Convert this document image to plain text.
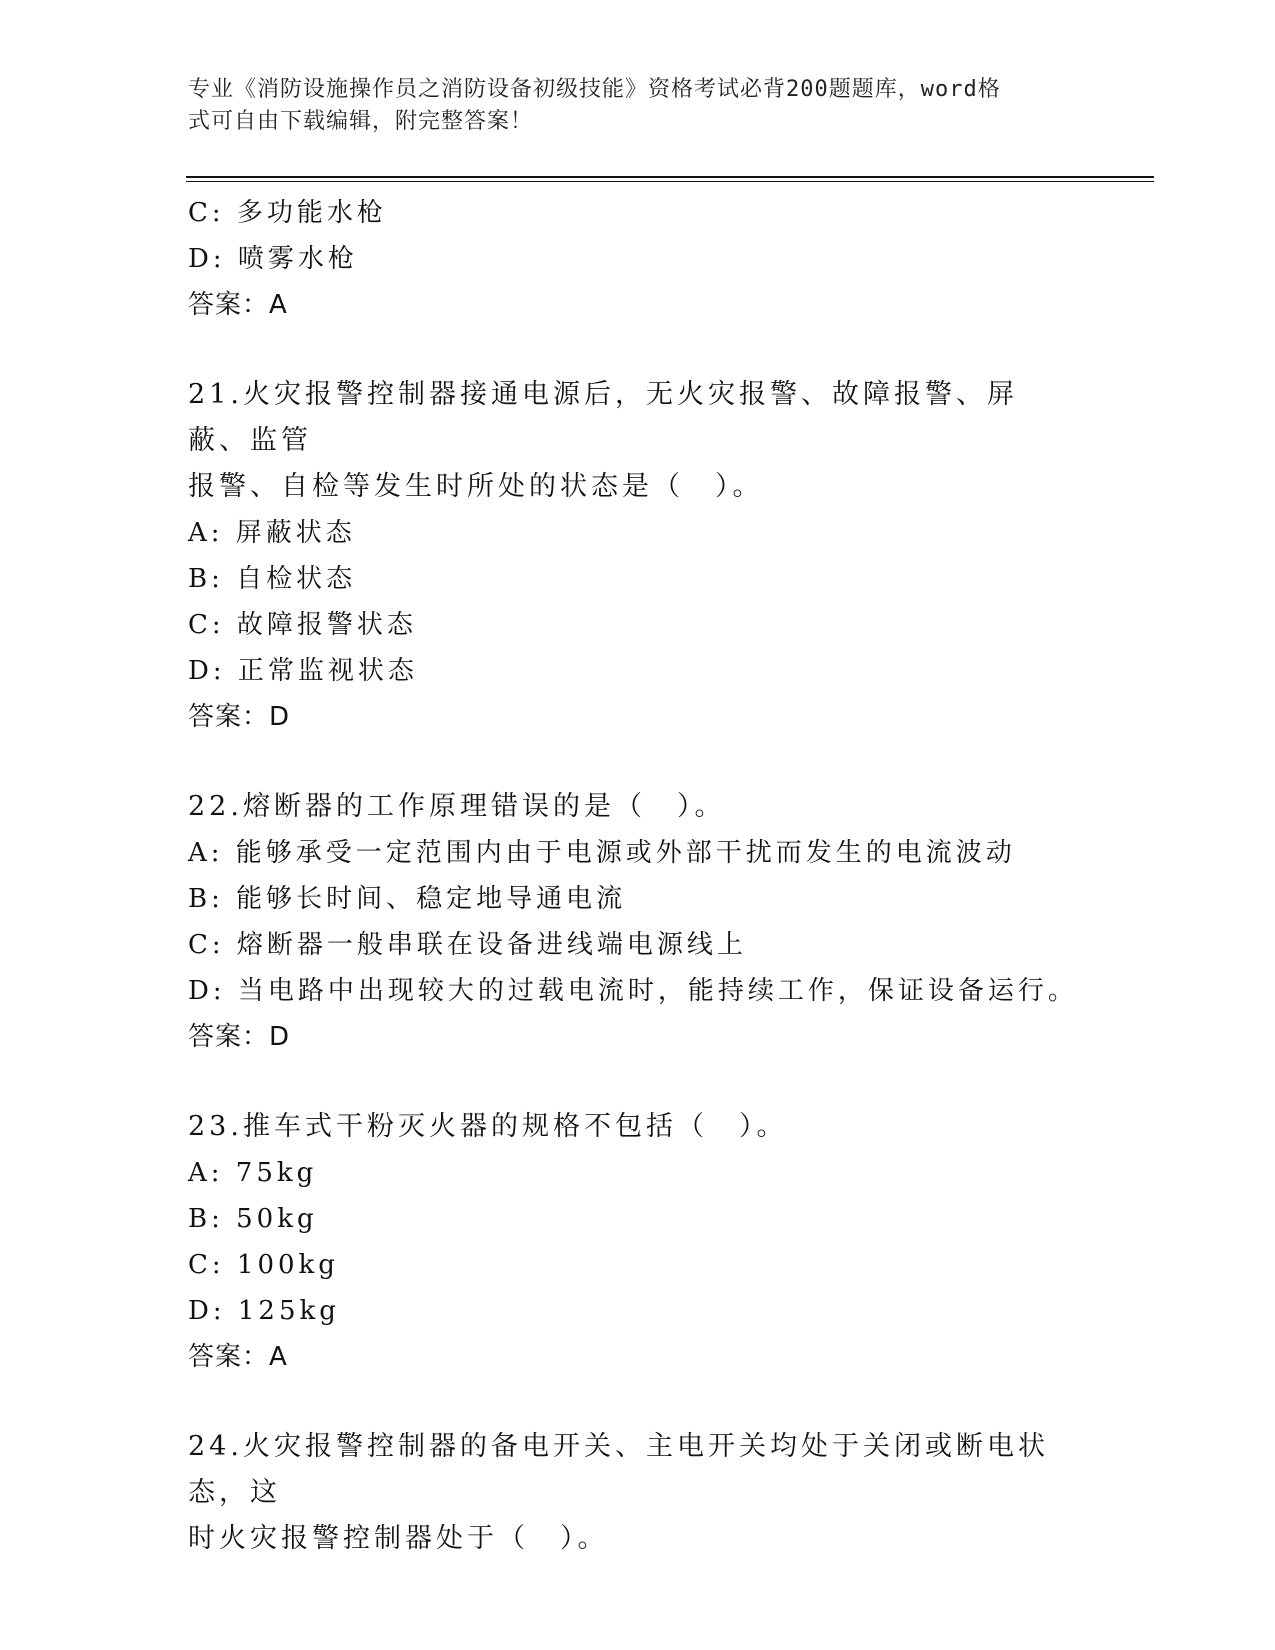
专业《消防设施操作员之消防设备初级技能》资格考试必背200题题库，word格
式可自由下载编辑，附完整答案！
C: 多功能水枪
D: 喷雾水枪
答案：A
21.火灾报警控制器接通电源后，无火灾报警、故障报警、屏蔽、监管
报警、自检等发生时所处的状态是（　）。
A: 屏蔽状态
B: 自检状态
C: 故障报警状态
D: 正常监视状态
答案：D
22.熔断器的工作原理错误的是（　）。
A: 能够承受一定范围内由于电源或外部干扰而发生的电流波动
B: 能够长时间、稳定地导通电流
C: 熔断器一般串联在设备进线端电源线上
D: 当电路中出现较大的过载电流时，能持续工作，保证设备运行。
答案：D
23.推车式干粉灭火器的规格不包括（　）。
A: 75kg
B: 50kg
C: 100kg
D: 125kg
答案：A
24.火灾报警控制器的备电开关、主电开关均处于关闭或断电状态，这
时火灾报警控制器处于（　）。
